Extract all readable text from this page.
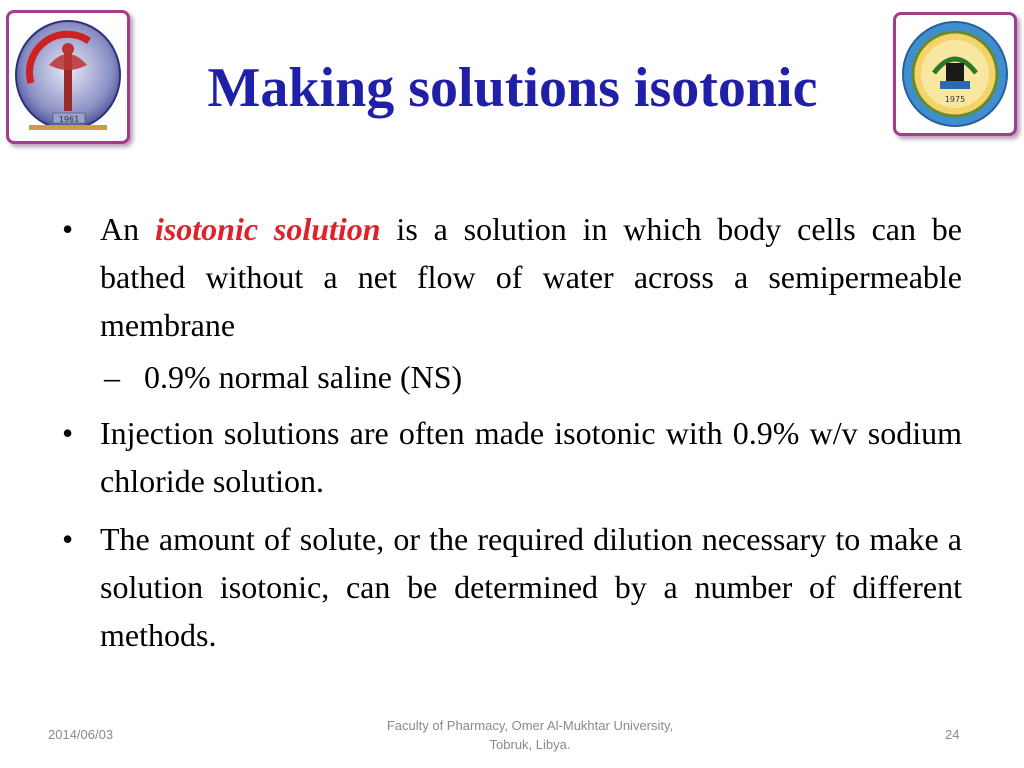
1961
1975
Making solutions isotonic
• An isotonic solution is a solution in which body cells can be bathed without a net flow of water across a semipermeable membrane
– 0.9% normal saline (NS)
• Injection solutions are often made isotonic with 0.9% w/v sodium chloride solution.
• The amount of solute, or the required dilution necessary to make a solution isotonic, can be determined by a number of different methods.
2014/06/03
Faculty of Pharmacy, Omer Al-Mukhtar University,
Tobruk, Libya.
24
